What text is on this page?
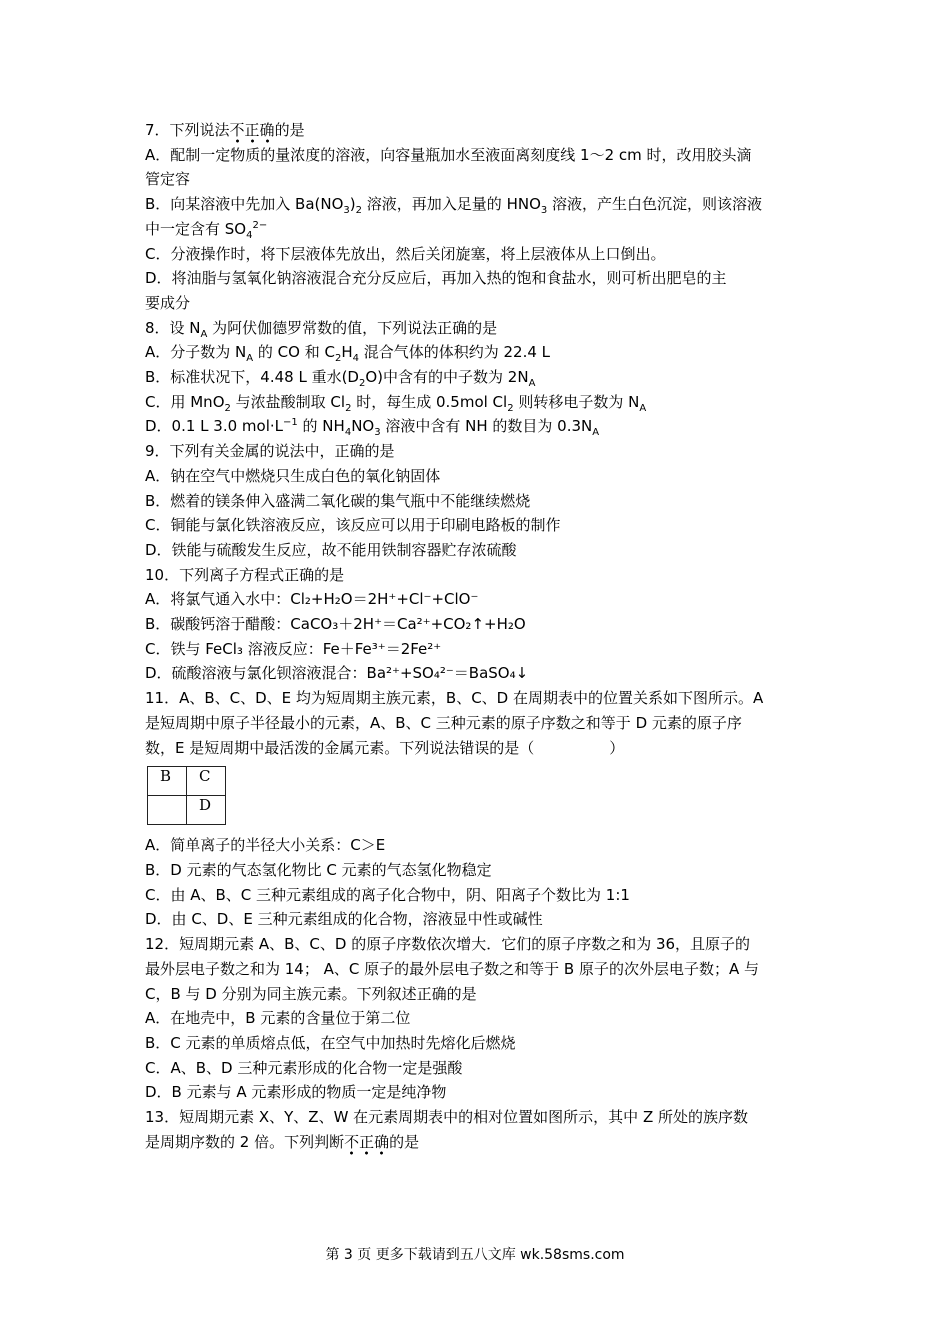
7．下列说法不正确的是
A．配制一定物质的量浓度的溶液，向容量瓶加水至液面离刻度线 1～2 cm 时，改用胶头滴
管定容
B．向某溶液中先加入 $Ba(NO_3)_2$ 溶液，再加入足量的 $HNO_3$ 溶液，产生白色沉淀，则该溶液
中一定含有 $SO_4^{2-}$
C．分液操作时，将下层液体先放出，然后关闭旋塞，将上层液体从上口倒出。
D．将油脂与氢氧化钠溶液混合充分反应后，再加入热的饱和食盐水，则可析出肥皂的主
要成分
8．设 $N_A$ 为阿伏伽德罗常数的值，下列说法正确的是
A．分子数为 $N_A$ 的 CO 和 $C_2H_4$ 混合气体的体积约为 22.4 L
B．标准状况下，4.48 L 重水$(D_2O)$中含有的中子数为 $2N_A$
C．用 MnO$_2$ 与浓盐酸制取 $Cl_2$ 时，每生成 0.5mol $Cl_2$ 则转移电子数为 $N_A$
D．0.1 L 3.0 $mol\cdot L^{-1}$ 的 $NH_4NO_3$ 溶液中含有 NH 的数目为 $0.3N_A$
9．下列有关金属的说法中，正确的是
A．钠在空气中燃烧只生成白色的氧化钠固体
B．燃着的镁条伸入盛满二氧化碳的集气瓶中不能继续燃烧
C．铜能与氯化铁溶液反应，该反应可以用于印刷电路板的制作
D．铁能与硫酸发生反应，故不能用铁制容器贮存浓硫酸
10．下列离子方程式正确的是
A．将氯气通入水中：Cl₂+H₂O＝2H⁺+Cl⁻+ClO⁻
B．碳酸钙溶于醋酸：CaCO₃＋2H⁺＝Ca²⁺+CO₂↑+H₂O
C．铁与 FeCl₃ 溶液反应：Fe＋Fe³⁺＝2Fe²⁺
D．硫酸溶液与氯化钡溶液混合：Ba²⁺+SO₄²⁻＝BaSO₄↓
11．A、B、C、D、E 均为短周期主族元素，B、C、D 在周期表中的位置关系如下图所示。A
是短周期中原子半径最小的元素，A、B、C 三种元素的原子序数之和等于 D 元素的原子序
数，E 是短周期中最活泼的金属元素。下列说法错误的是（　　　　　）
B	C
	D
A．简单离子的半径大小关系：C＞E
B．D 元素的气态氢化物比 C 元素的气态氢化物稳定
C．由 A、B、C 三种元素组成的离子化合物中，阴、阳离子个数比为 1:1
D．由 C、D、E 三种元素组成的化合物，溶液显中性或碱性
12．短周期元素 A、B、C、D 的原子序数依次增大．它们的原子序数之和为 36，且原子的
最外层电子数之和为 14； A、C 原子的最外层电子数之和等于 B 原子的次外层电子数；A 与
C，B 与 D 分别为同主族元素。下列叙述正确的是
A．在地壳中，B 元素的含量位于第二位
B．C 元素的单质熔点低，在空气中加热时先熔化后燃烧
C．A、B、D 三种元素形成的化合物一定是强酸
D．B 元素与 A 元素形成的物质一定是纯净物
13．短周期元素 X、Y、Z、W 在元素周期表中的相对位置如图所示，其中 Z 所处的族序数
是周期序数的 2 倍。下列判断不正确的是
第 3 页 更多下载请到五八文库 wk.58sms.com
